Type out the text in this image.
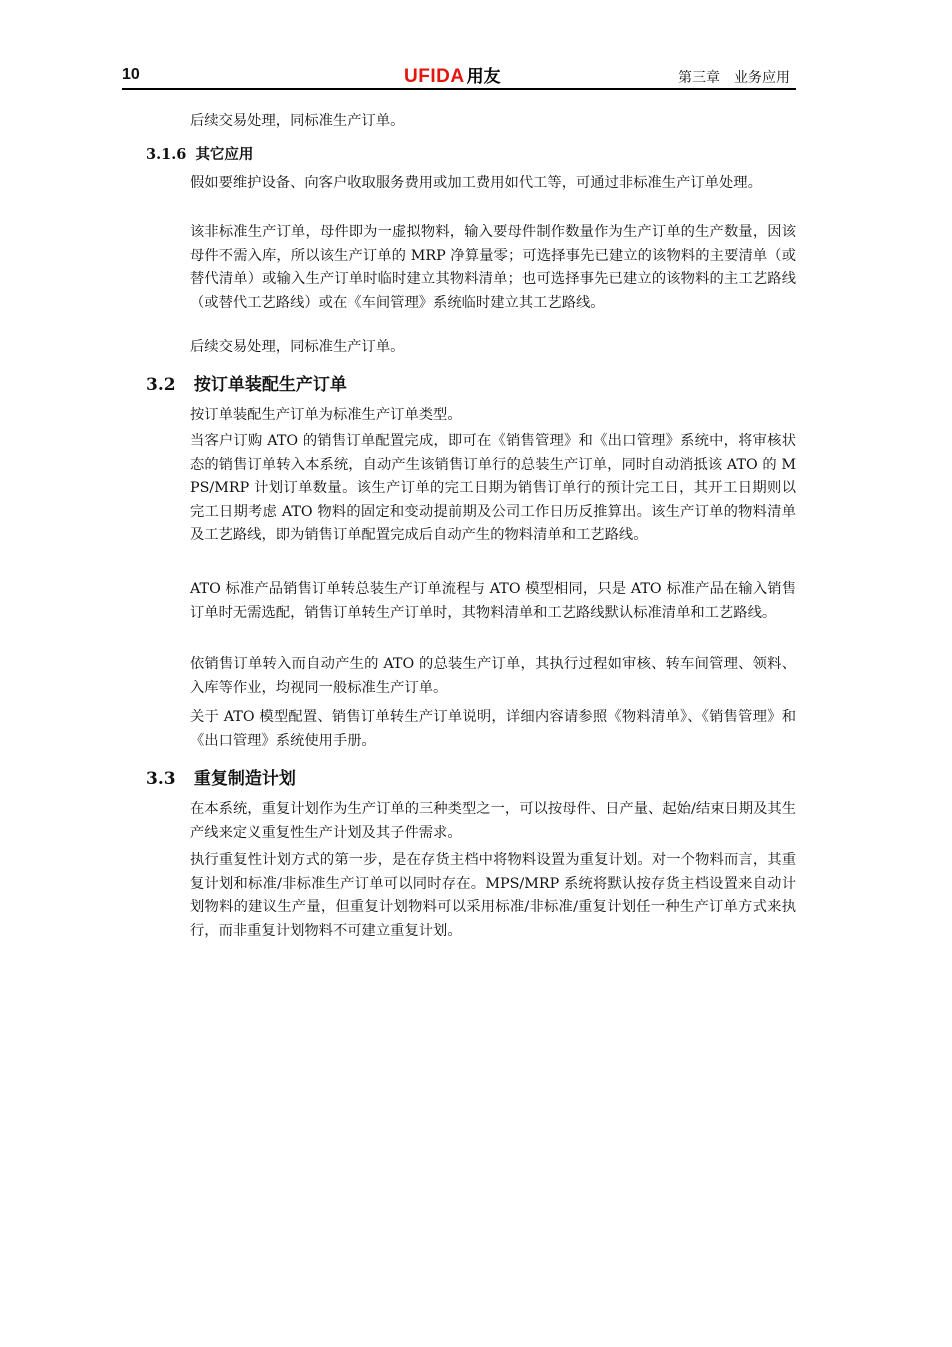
10	UFIDA 用友	第三章　业务应用

后续交易处理，同标准生产订单。

3.1.6 其它应用

假如要维护设备、向客户收取服务费用或加工费用如代工等，可通过非标准生产订单处理。

该非标准生产订单，母件即为一虚拟物料，输入要母件制作数量作为生产订单的生产数量，因该母件不需入库，所以该生产订单的 MRP 净算量零；可选择事先已建立的该物料的主要清单（或替代清单）或输入生产订单时临时建立其物料清单；也可选择事先已建立的该物料的主工艺路线（或替代工艺路线）或在《车间管理》系统临时建立其工艺路线。

后续交易处理，同标准生产订单。

3.2 按订单装配生产订单

按订单装配生产订单为标准生产订单类型。

当客户订购 ATO 的销售订单配置完成，即可在《销售管理》和《出口管理》系统中，将审核状态的销售订单转入本系统，自动产生该销售订单行的总装生产订单，同时自动消抵该 ATO 的 MPS/MRP 计划订单数量。该生产订单的完工日期为销售订单行的预计完工日，其开工日期则以完工日期考虑 ATO 物料的固定和变动提前期及公司工作日历反推算出。该生产订单的物料清单及工艺路线，即为销售订单配置完成后自动产生的物料清单和工艺路线。

ATO 标准产品销售订单转总装生产订单流程与 ATO 模型相同，只是 ATO 标准产品在输入销售订单时无需选配，销售订单转生产订单时，其物料清单和工艺路线默认标准清单和工艺路线。

依销售订单转入而自动产生的 ATO 的总装生产订单，其执行过程如审核、转车间管理、领料、入库等作业，均视同一般标准生产订单。

关于 ATO 模型配置、销售订单转生产订单说明，详细内容请参照《物料清单》、《销售管理》和《出口管理》系统使用手册。

3.3 重复制造计划

在本系统，重复计划作为生产订单的三种类型之一，可以按母件、日产量、起始/结束日期及其生产线来定义重复性生产计划及其子件需求。

执行重复性计划方式的第一步，是在存货主档中将物料设置为重复计划。对一个物料而言，其重复计划和标准/非标准生产订单可以同时存在。MPS/MRP 系统将默认按存货主档设置来自动计划物料的建议生产量，但重复计划物料可以采用标准/非标准/重复计划任一种生产订单方式来执行，而非重复计划物料不可建立重复计划。
